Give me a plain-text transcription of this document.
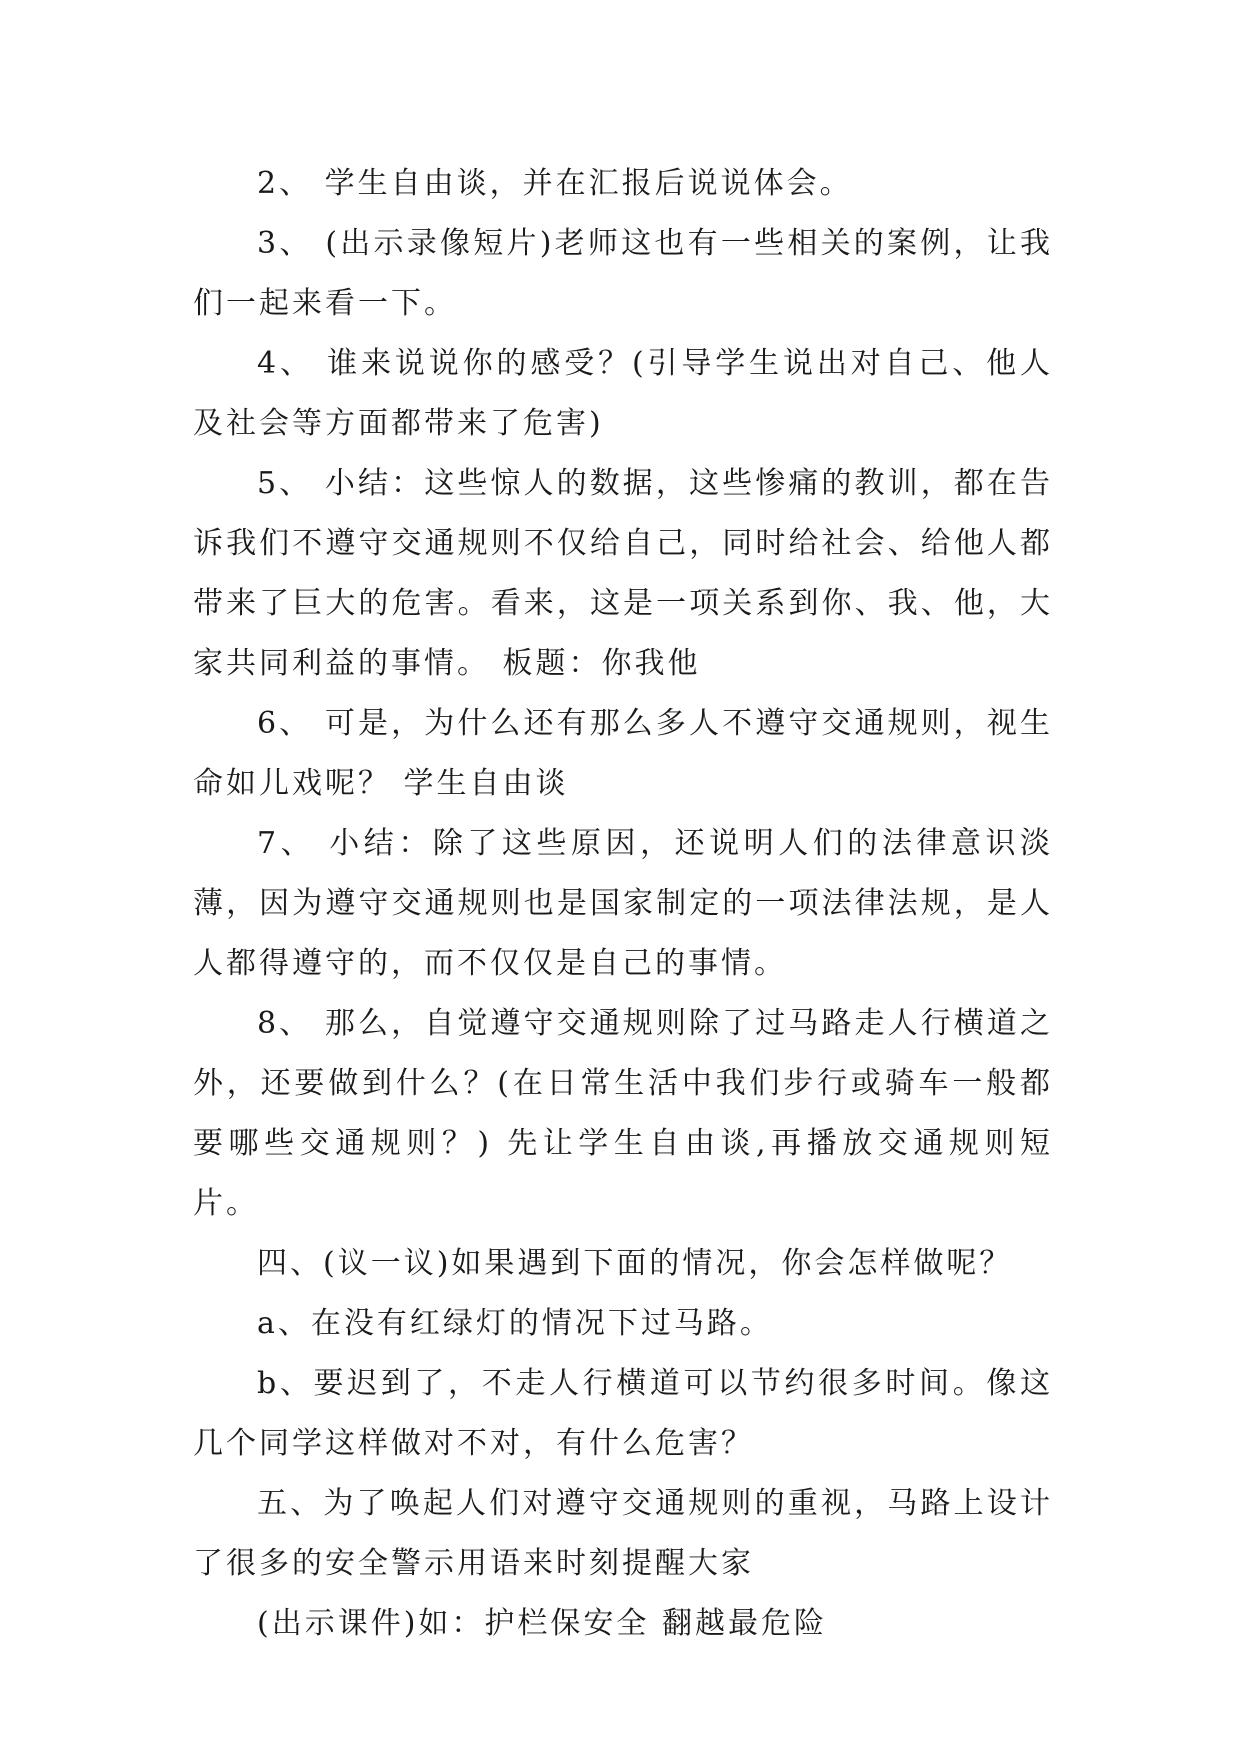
2、 学生自由谈，并在汇报后说说体会。

3、 (出示录像短片)老师这也有一些相关的案例，让我们一起来看一下。

4、 谁来说说你的感受？(引导学生说出对自己、他人及社会等方面都带来了危害)

5、 小结：这些惊人的数据，这些惨痛的教训，都在告诉我们不遵守交通规则不仅给自己，同时给社会、给他人都带来了巨大的危害。看来，这是一项关系到你、我、他，大家共同利益的事情。 板题：你我他

6、 可是，为什么还有那么多人不遵守交通规则，视生命如儿戏呢？ 学生自由谈

7、 小结：除了这些原因，还说明人们的法律意识淡薄，因为遵守交通规则也是国家制定的一项法律法规，是人人都得遵守的，而不仅仅是自己的事情。

8、 那么，自觉遵守交通规则除了过马路走人行横道之外，还要做到什么？(在日常生活中我们步行或骑车一般都要哪些交通规则？) 先让学生自由谈,再播放交通规则短片。

四、(议一议)如果遇到下面的情况，你会怎样做呢？

a、在没有红绿灯的情况下过马路。

b、要迟到了，不走人行横道可以节约很多时间。像这几个同学这样做对不对，有什么危害？

五、为了唤起人们对遵守交通规则的重视，马路上设计了很多的安全警示用语来时刻提醒大家

(出示课件)如：护栏保安全 翻越最危险
